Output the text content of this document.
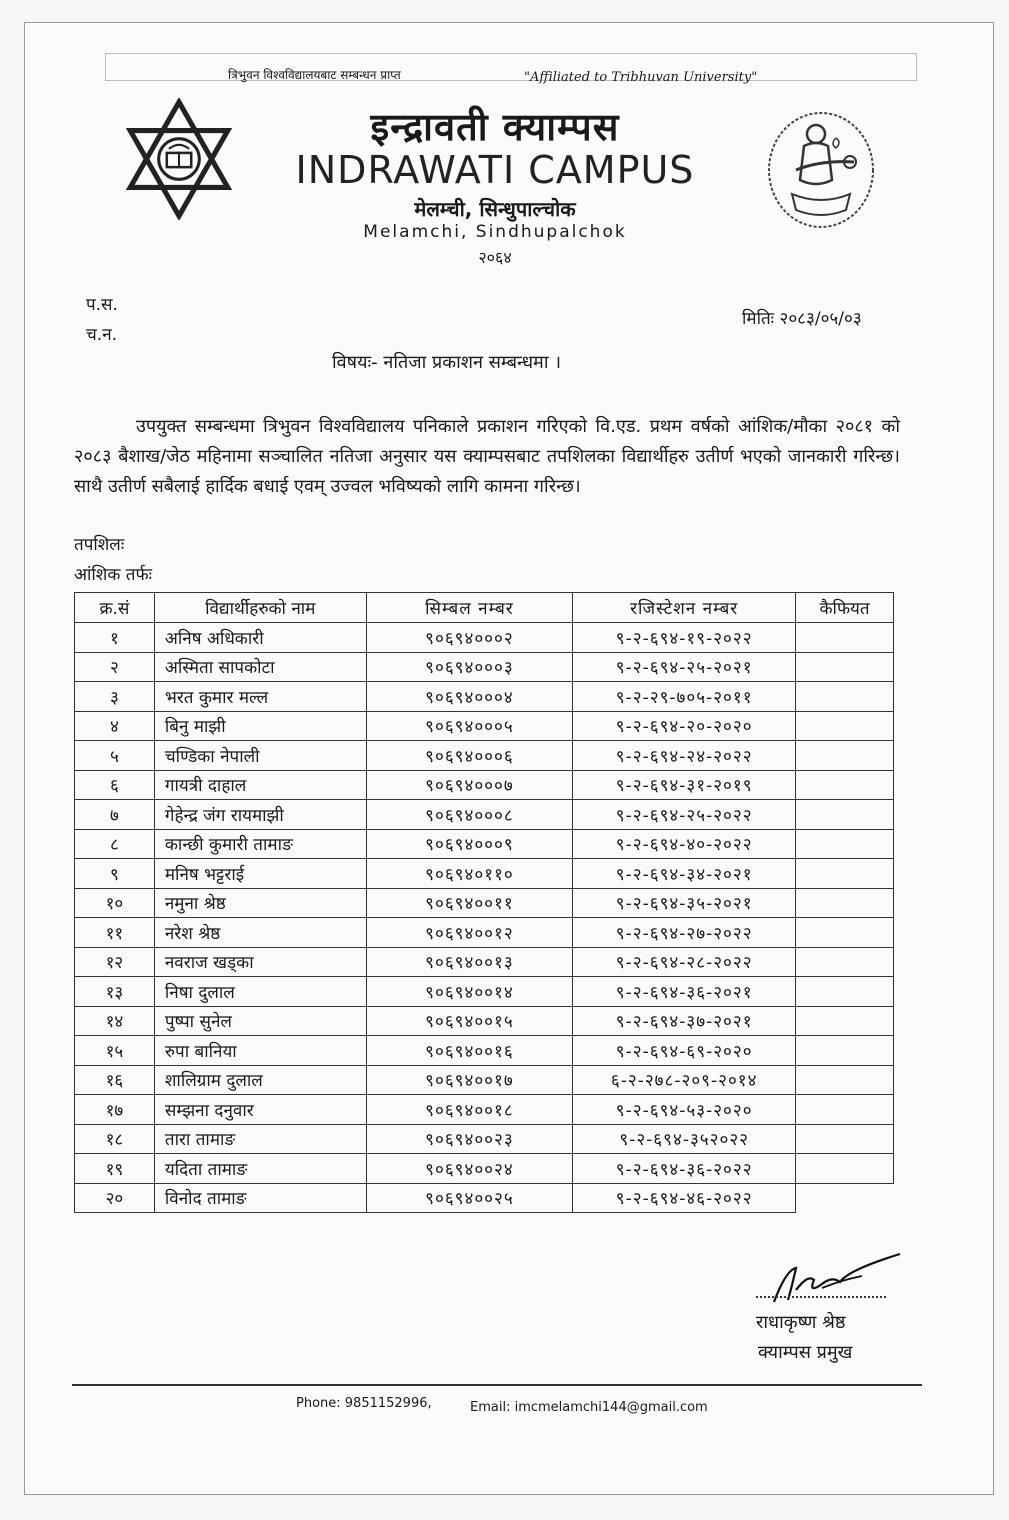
त्रिभुवन विश्वविद्यालयबाट सम्बन्धन प्राप्त	"Affiliated to Tribhuvan University"
इन्द्रावती क्याम्पस
INDRAWATI CAMPUS
मेलम्ची, सिन्धुपाल्चोक
Melamchi, Sindhupalchok
२०६४
प.स.
च.न.
मितिः २०८३/०५/०३
विषयः- नतिजा प्रकाशन सम्बन्धमा ।
उपयुक्त सम्बन्धमा त्रिभुवन विश्वविद्यालय पनिकाले प्रकाशन गरिएको वि.एड. प्रथम वर्षको आंशिक/मौका २०८१ को २०८३ बैशाख/जेठ महिनामा सञ्चालित नतिजा अनुसार यस क्याम्पसबाट तपशिलका विद्यार्थीहरु उतीर्ण भएको जानकारी गरिन्छ। साथै उतीर्ण सबैलाई हार्दिक बधाई एवम् उज्वल भविष्यको लागि कामना गरिन्छ।
तपशिलः
आंशिक तर्फः
क्र.सं	विद्यार्थीहरुको नाम	सिम्बल नम्बर	रजिस्टेशन नम्बर	कैफियत
१	अनिष अधिकारी	९०६९४०००२	९-२-६९४-१९-२०२२	
२	अस्मिता सापकोटा	९०६९४०००३	९-२-६९४-२५-२०२१	
३	भरत कुमार मल्ल	९०६९४०००४	९-२-२९-७०५-२०११	
४	बिनु माझी	९०६९४०००५	९-२-६९४-२०-२०२०	
५	चण्डिका नेपाली	९०६९४०००६	९-२-६९४-२४-२०२२	
६	गायत्री दाहाल	९०६९४०००७	९-२-६९४-३१-२०१९	
७	गेहेन्द्र जंग रायमाझी	९०६९४०००८	९-२-६९४-२५-२०२२	
८	कान्छी कुमारी तामाङ	९०६९४०००९	९-२-६९४-४०-२०२२	
९	मनिष भट्टराई	९०६९४०११०	९-२-६९४-३४-२०२१	
१०	नमुना श्रेष्ठ	९०६९४००११	९-२-६९४-३५-२०२१	
११	नरेश श्रेष्ठ	९०६९४००१२	९-२-६९४-२७-२०२२	
१२	नवराज खड्का	९०६९४००१३	९-२-६९४-२८-२०२२	
१३	निषा दुलाल	९०६९४००१४	९-२-६९४-३६-२०२१	
१४	पुष्पा सुनेल	९०६९४००१५	९-२-६९४-३७-२०२१	
१५	रुपा बानिया	९०६९४००१६	९-२-६९४-६९-२०२०	
१६	शालिग्राम दुलाल	९०६९४००१७	६-२-२७८-२०९-२०१४	
१७	सम्झना दनुवार	९०६९४००१८	९-२-६९४-५३-२०२०	
१८	तारा तामाङ	९०६९४००२३	९-२-६९४-३५२०२२	
१९	यदिता तामाङ	९०६९४००२४	९-२-६९४-३६-२०२२	
२०	विनोद तामाङ	९०६९४००२५	९-२-६९४-४६-२०२२	
राधाकृष्ण श्रेष्ठ
क्याम्पस प्रमुख
Phone: 9851152996,	Email: imcmelamchi144@gmail.com
